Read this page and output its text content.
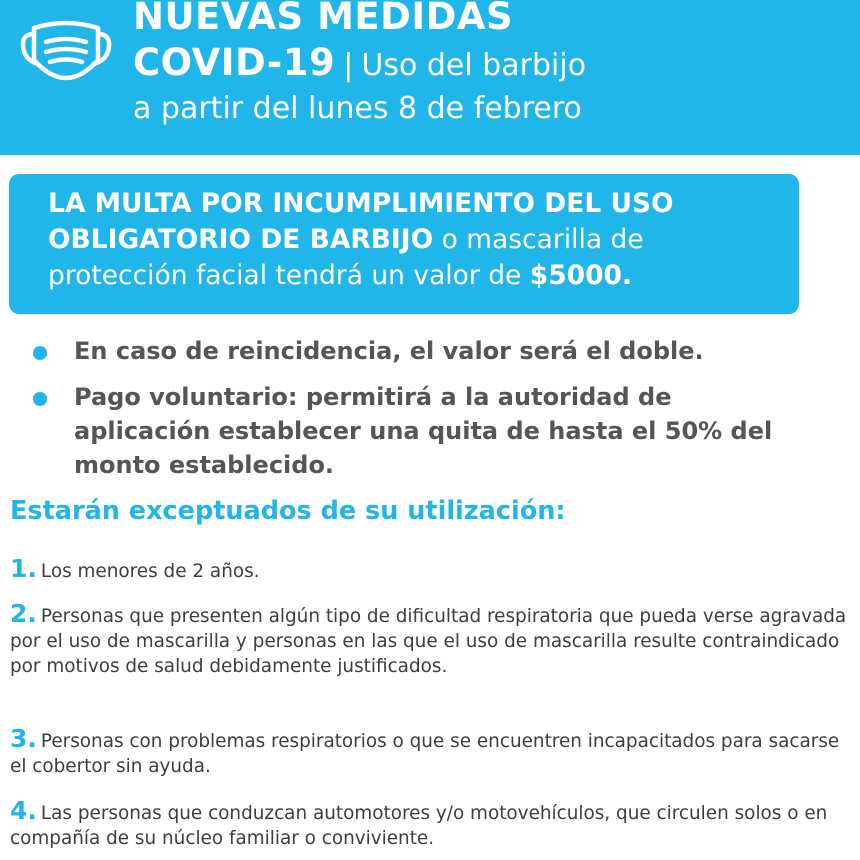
NUEVAS MEDIDAS
COVID-19 | Uso del barbijo
a partir del lunes 8 de febrero
LA MULTA POR INCUMPLIMIENTO DEL USO OBLIGATORIO DE BARBIJO o mascarilla de protección facial tendrá un valor de $5000.
En caso de reincidencia, el valor será el doble.
Pago voluntario: permitirá a la autoridad de aplicación establecer una quita de hasta el 50% del monto establecido.
Estarán exceptuados de su utilización:
1. Los menores de 2 años.
2. Personas que presenten algún tipo de dificultad respiratoria que pueda verse agravada por el uso de mascarilla y personas en las que el uso de mascarilla resulte contraindicado por motivos de salud debidamente justificados.
3. Personas con problemas respiratorios o que se encuentren incapacitados para sacarse el cobertor sin ayuda.
4. Las personas que conduzcan automotores y/o motovehículos, que circulen solos o en compañía de su núcleo familiar o conviviente.
